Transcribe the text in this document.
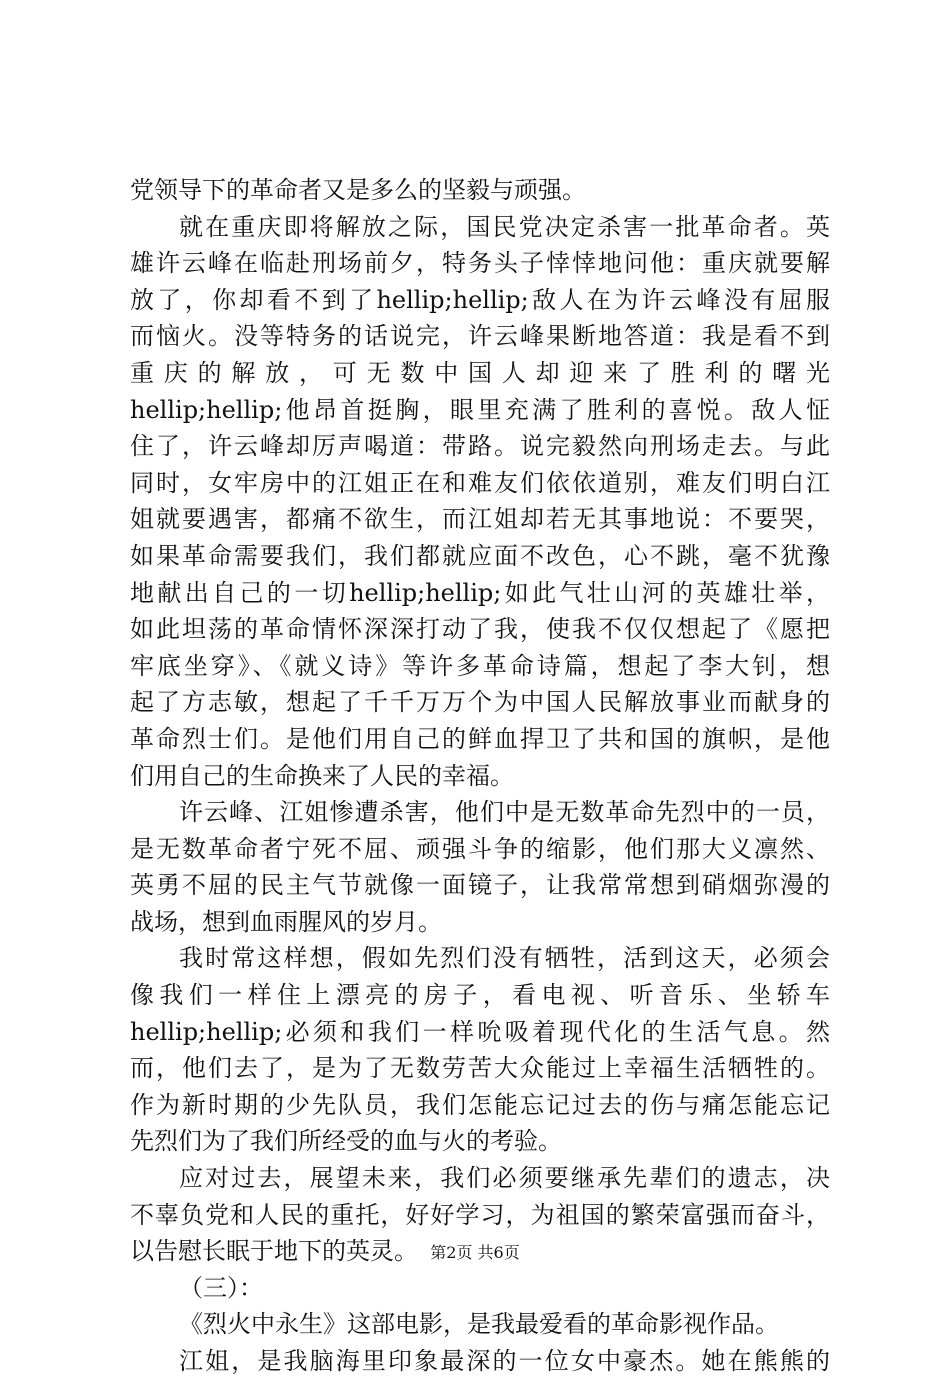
党领导下的革命者又是多么的坚毅与顽强。
就在重庆即将解放之际，国民党决定杀害一批革命者。英
雄许云峰在临赴刑场前夕，特务头子悻悻地问他：重庆就要解
放了，你却看不到了hellip;hellip;敌人在为许云峰没有屈服
而恼火。没等特务的话说完，许云峰果断地答道：我是看不到
重 庆 的 解 放 ， 可 无 数 中 国 人 却 迎 来 了 胜 利 的 曙 光
hellip;hellip;他昂首挺胸，眼里充满了胜利的喜悦。敌人怔
住了，许云峰却厉声喝道：带路。说完毅然向刑场走去。与此
同时，女牢房中的江姐正在和难友们依依道别，难友们明白江
姐就要遇害，都痛不欲生，而江姐却若无其事地说：不要哭，
如果革命需要我们，我们都就应面不改色，心不跳，毫不犹豫
地献出自己的一切hellip;hellip;如此气壮山河的英雄壮举，
如此坦荡的革命情怀深深打动了我，使我不仅仅想起了《愿把
牢底坐穿》、《就义诗》等许多革命诗篇，想起了李大钊，想
起了方志敏，想起了千千万万个为中国人民解放事业而献身的
革命烈士们。是他们用自己的鲜血捍卫了共和国的旗帜，是他
们用自己的生命换来了人民的幸福。
许云峰、江姐惨遭杀害，他们中是无数革命先烈中的一员，
是无数革命者宁死不屈、顽强斗争的缩影，他们那大义凛然、
英勇不屈的民主气节就像一面镜子，让我常常想到硝烟弥漫的
战场，想到血雨腥风的岁月。
我时常这样想，假如先烈们没有牺牲，活到这天，必须会
像我们一样住上漂亮的房子，看电视、听音乐、坐轿车
hellip;hellip;必须和我们一样吮吸着现代化的生活气息。然
而，他们去了，是为了无数劳苦大众能过上幸福生活牺牲的。
作为新时期的少先队员，我们怎能忘记过去的伤与痛怎能忘记
先烈们为了我们所经受的血与火的考验。
应对过去，展望未来，我们必须要继承先辈们的遗志，决
不辜负党和人民的重托，好好学习，为祖国的繁荣富强而奋斗，
以告慰长眠于地下的英灵。
（三）：
《烈火中永生》这部电影，是我最爱看的革命影视作品。
江姐，是我脑海里印象最深的一位女中豪杰。她在熊熊的
第2页 共6页
